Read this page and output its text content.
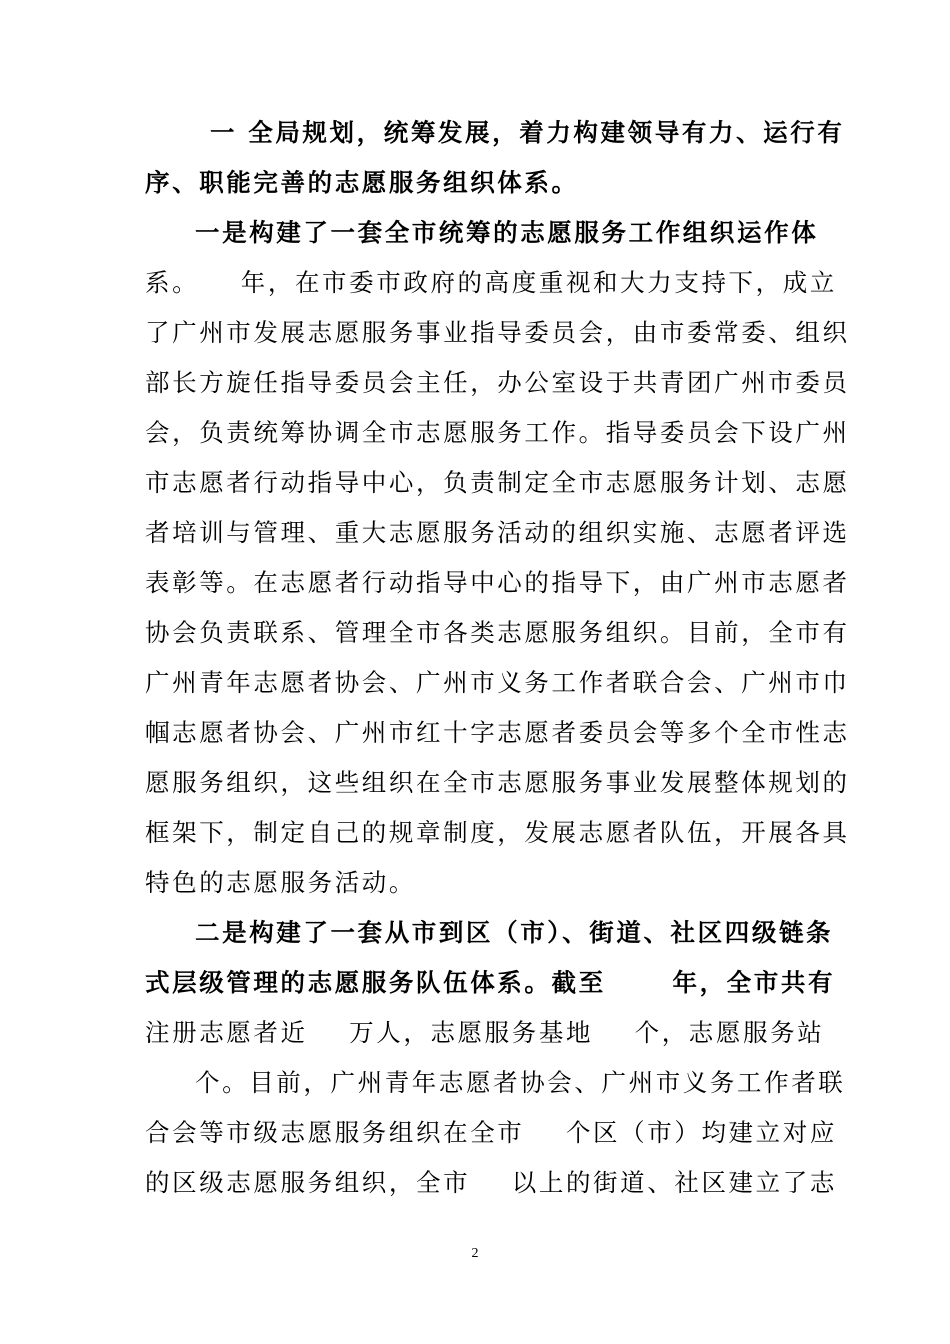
一 全局规划，统筹发展，着力构建领导有力、运行有
序、职能完善的志愿服务组织体系。
一是构建了一套全市统筹的志愿服务工作组织运作体
系。    年，在市委市政府的高度重视和大力支持下，成立
了广州市发展志愿服务事业指导委员会，由市委常委、组织
部长方旋任指导委员会主任，办公室设于共青团广州市委员
会，负责统筹协调全市志愿服务工作。指导委员会下设广州
市志愿者行动指导中心，负责制定全市志愿服务计划、志愿
者培训与管理、重大志愿服务活动的组织实施、志愿者评选
表彰等。在志愿者行动指导中心的指导下，由广州市志愿者
协会负责联系、管理全市各类志愿服务组织。目前，全市有
广州青年志愿者协会、广州市义务工作者联合会、广州市巾
帼志愿者协会、广州市红十字志愿者委员会等多个全市性志
愿服务组织，这些组织在全市志愿服务事业发展整体规划的
框架下，制定自己的规章制度，发展志愿者队伍，开展各具
特色的志愿服务活动。
二是构建了一套从市到区（市）、街道、社区四级链条
式层级管理的志愿服务队伍体系。截至      年，全市共有
注册志愿者近    万人，志愿服务基地    个，志愿服务站
个。目前，广州青年志愿者协会、广州市义务工作者联
合会等市级志愿服务组织在全市    个区（市）均建立对应
的区级志愿服务组织，全市    以上的街道、社区建立了志
2
